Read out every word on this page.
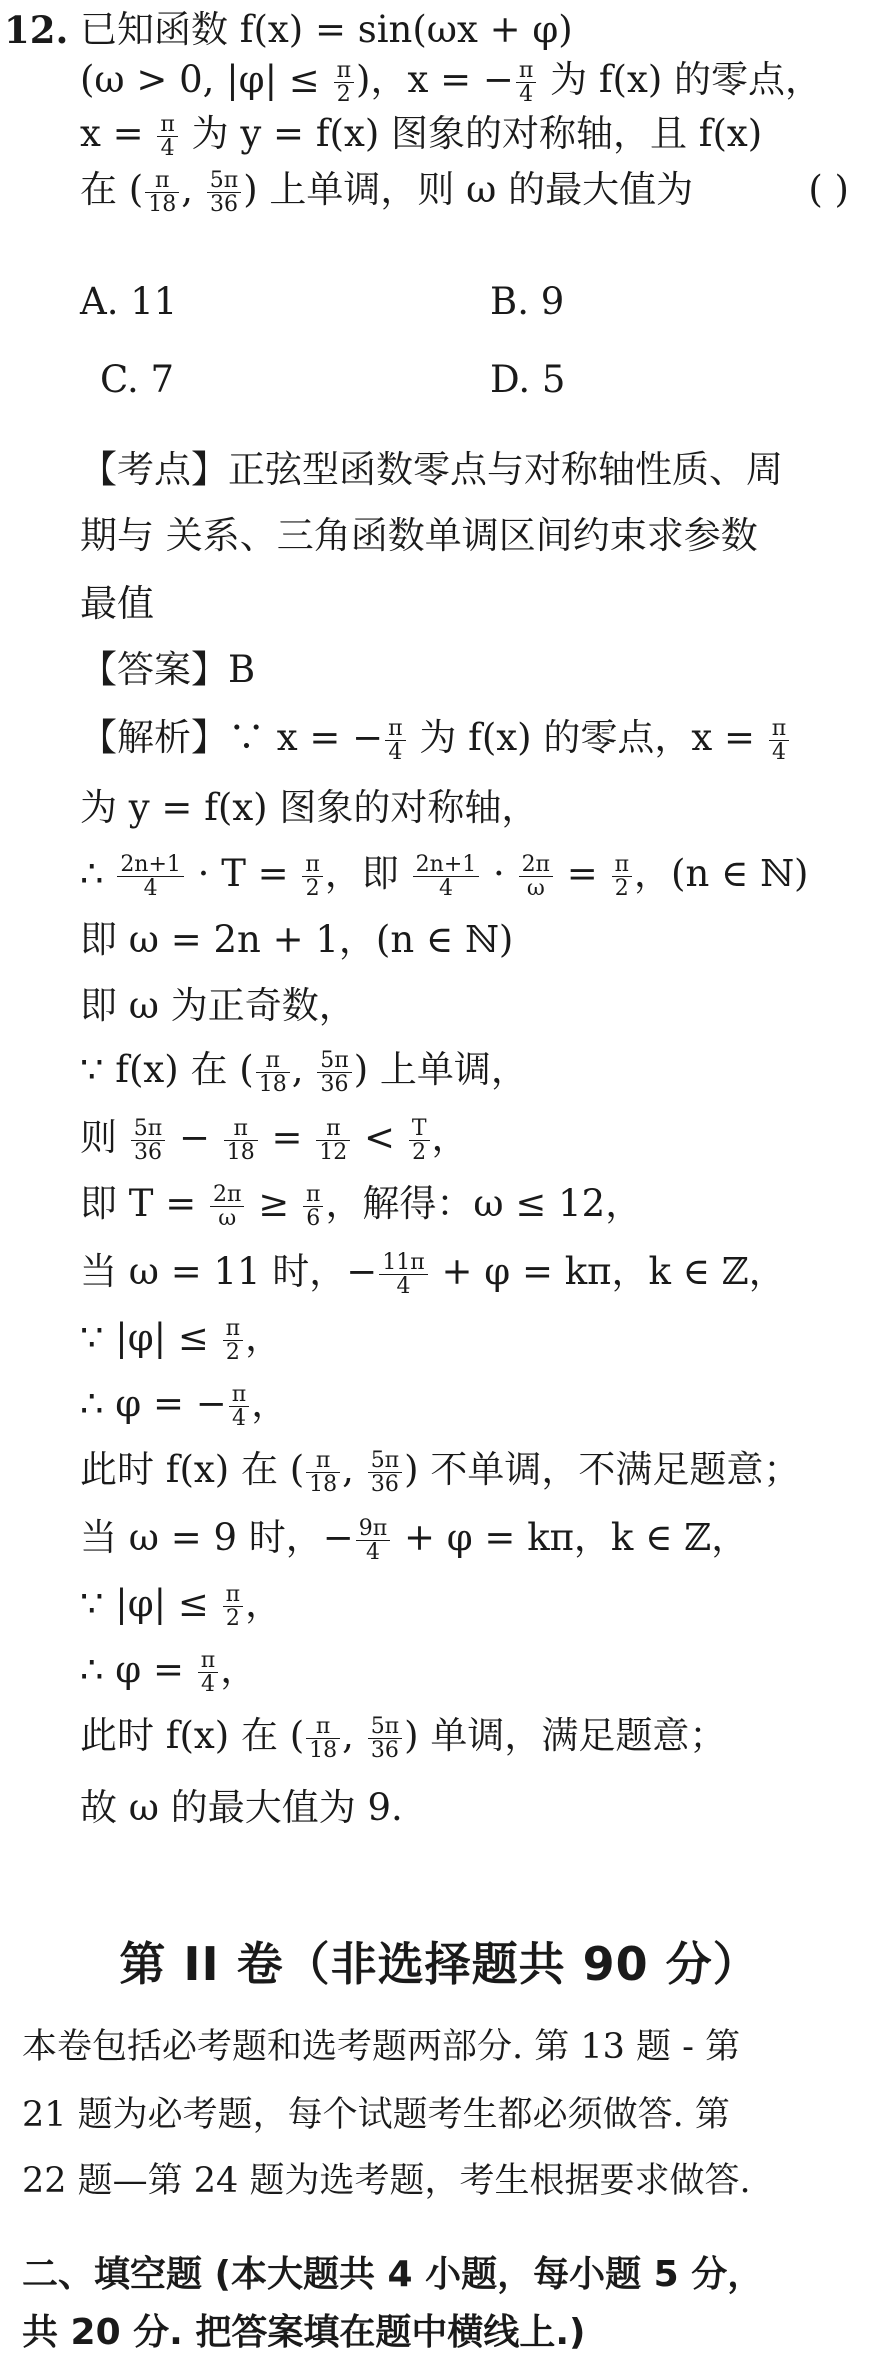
12. 已知函数 f(x) = sin(ωx + φ)
(ω > 0, $|\varphi| \le \frac{\pi}{2}$ )，x = − $\frac{\pi}{4}$ 为 f(x) 的零点，
$x = \frac{\pi}{4}$ 为 y = f(x) 图象的对称轴，且 f(x)
在 ( $\frac{\pi}{18}$ , $\frac{5\pi}{36}$ ) 上单调，则 ω 的最大值为	( )
A. 11	B. 9
C. 7	D. 5
【考点】正弦型函数零点与对称轴性质、周
期与 关系、三角函数单调区间约束求参数
最值
【答案】B
【解析】∵ x = − $\frac{\pi}{4}$ 为 f(x) 的零点，$x = \frac{\pi}{4}$
为 y = f(x) 图象的对称轴，
∴ $\frac{2n+1}{4} \cdot T = \frac{\pi}{2}$ ，即 $\frac{2n+1}{4} \cdot \frac{2\pi}{\omega} = \frac{\pi}{2}$ ，(n ∈ ℕ)
即 ω = 2n + 1，(n ∈ ℕ)
即 ω 为正奇数，
∵ f(x) 在 ( $\frac{\pi}{18}$ , $\frac{5\pi}{36}$ ) 上单调，
则 $\frac{5\pi}{36} - \frac{\pi}{18} = \frac{\pi}{12} < \frac{T}{2}$ ，
即 $T = \frac{2\pi}{\omega} \ge \frac{\pi}{6}$ ，解得：ω ≤ 12，
当 ω = 11 时，− $\frac{11\pi}{4} + \varphi = k\pi$，k ∈ ℤ，
∵ $|\varphi| \le \frac{\pi}{2}$ ，
∴ φ = − $\frac{\pi}{4}$ ，
此时 f(x) 在 ( $\frac{\pi}{18}$ , $\frac{5\pi}{36}$ ) 不单调，不满足题意；
当 ω = 9 时，− $\frac{9\pi}{4} + \varphi = k\pi$，k ∈ ℤ，
∵ $|\varphi| \le \frac{\pi}{2}$ ，
∴ $\varphi = \frac{\pi}{4}$ ，
此时 f(x) 在 ( $\frac{\pi}{18}$ , $\frac{5\pi}{36}$ ) 单调，满足题意；
故 ω 的最大值为 9.
第 II 卷（非选择题共 90 分）
本卷包括必考题和选考题两部分. 第 13 题 - 第
21 题为必考题，每个试题考生都必须做答. 第
22 题—第 24 题为选考题，考生根据要求做答.
二、填空题 (本大题共 4 小题，每小题 5 分，
共 20 分. 把答案填在题中横线上.)
